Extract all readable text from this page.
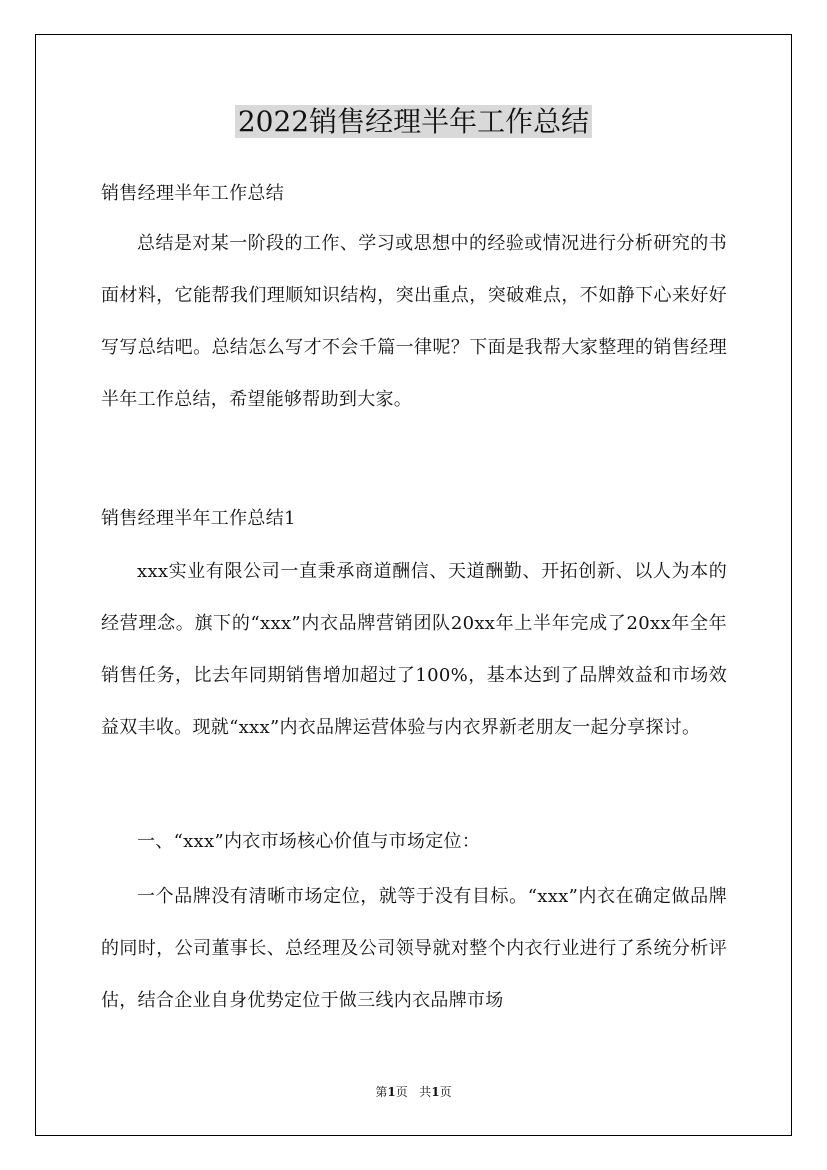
2022销售经理半年工作总结
销售经理半年工作总结
总结是对某一阶段的工作、学习或思想中的经验或情况进行分析研究的书面材料，它能帮我们理顺知识结构，突出重点，突破难点，不如静下心来好好写写总结吧。总结怎么写才不会千篇一律呢？下面是我帮大家整理的销售经理半年工作总结，希望能够帮助到大家。
销售经理半年工作总结1
xxx实业有限公司一直秉承商道酬信、天道酬勤、开拓创新、以人为本的经营理念。旗下的“xxx”内衣品牌营销团队20xx年上半年完成了20xx年全年销售任务，比去年同期销售增加超过了100%，基本达到了品牌效益和市场效益双丰收。现就“xxx”内衣品牌运营体验与内衣界新老朋友一起分享探讨。
一、“xxx”内衣市场核心价值与市场定位：
一个品牌没有清晰市场定位，就等于没有目标。“xxx”内衣在确定做品牌的同时，公司董事长、总经理及公司领导就对整个内衣行业进行了系统分析评估，结合企业自身优势定位于做三线内衣品牌市场
第1页 共1页
